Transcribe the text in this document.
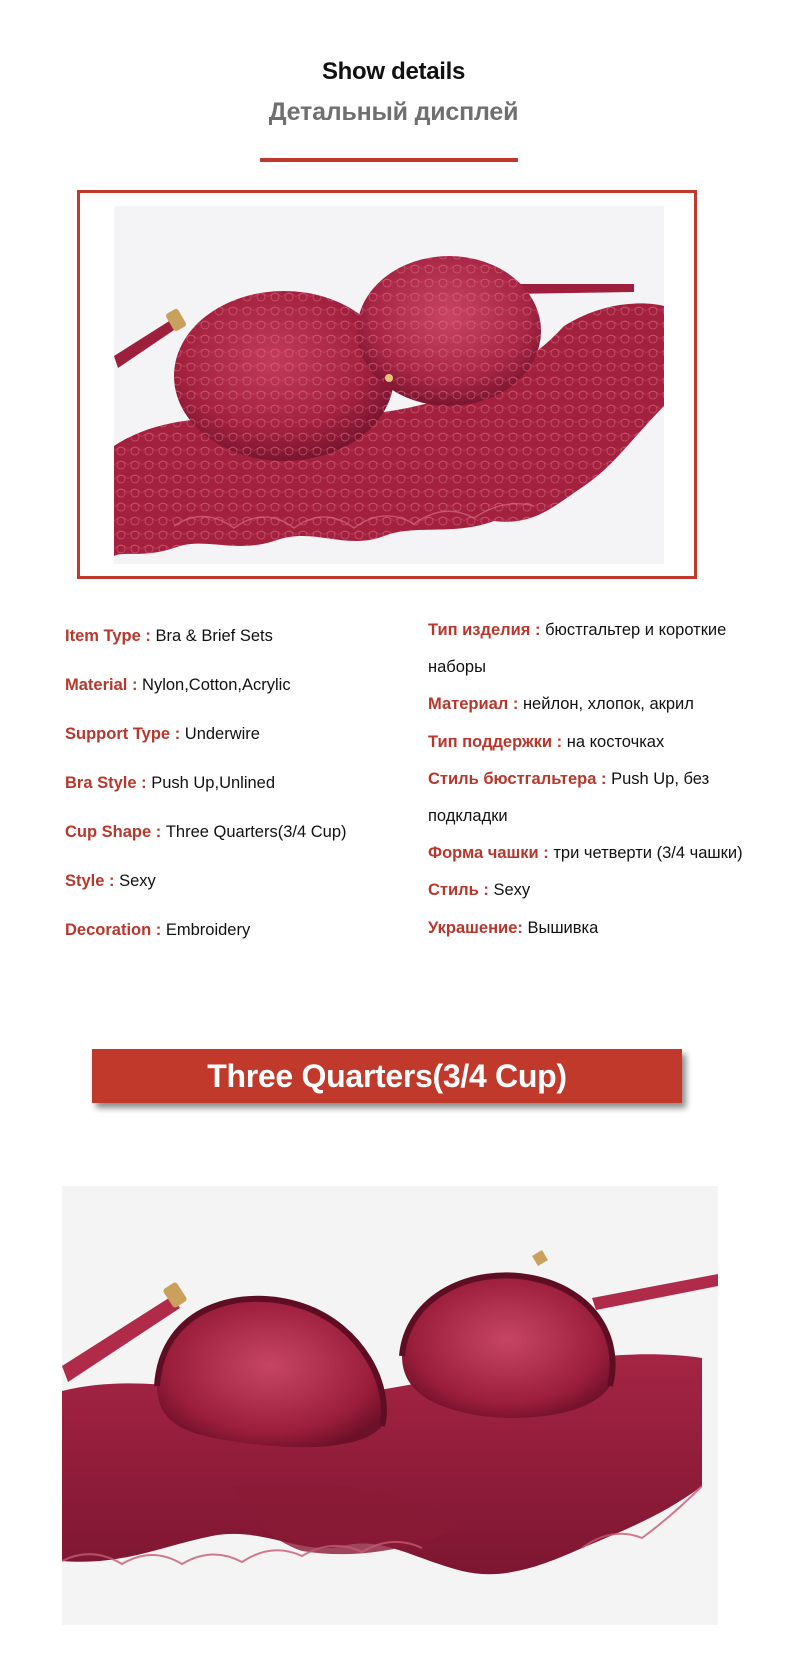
Show details
Детальный дисплей
Item Type : Bra & Brief Sets
Material : Nylon,Cotton,Acrylic
Support Type : Underwire
Bra Style : Push Up,Unlined
Cup Shape : Three Quarters(3/4 Cup)
Style : Sexy
Decoration : Embroidery
Тип изделия : бюстгальтер и короткие наборы
Материал : нейлон, хлопок, акрил
Тип поддержки : на косточках
Стиль бюстгальтера : Push Up, без подкладки
Форма чашки : три четверти (3/4 чашки)
Стиль : Sexy
Украшение: Вышивка
Three Quarters(3/4 Cup)
